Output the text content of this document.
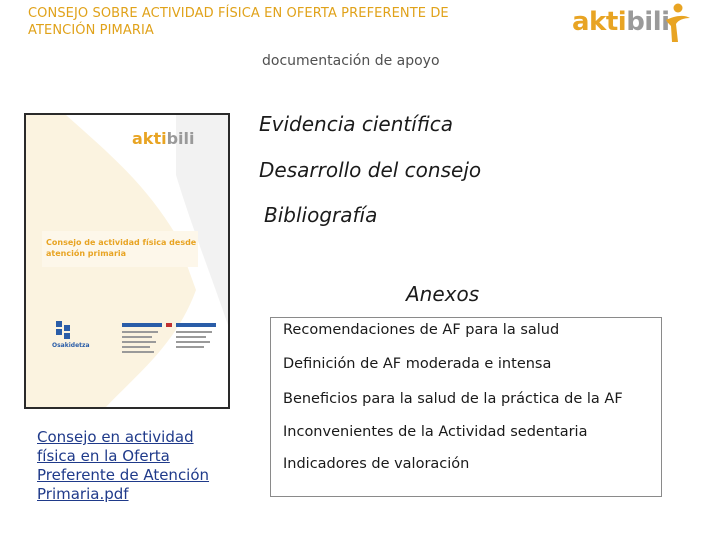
CONSEJO SOBRE ACTIVIDAD FÍSICA EN OFERTA PREFERENTE DE
ATENCIÓN PIMARIA	aktibili
documentación de apoyo
aktibili
Consejo de actividad física desde atención primaria
Osakidetza
Consejo en actividad física en la Oferta Preferente de Atención Primaria.pdf
Evidencia científica
Desarrollo del consejo
Bibliografía
Anexos
Recomendaciones de AF para la salud
Definición de AF moderada e intensa
Beneficios para la salud de la práctica de la AF
Inconvenientes de la Actividad sedentaria
Indicadores de valoración
